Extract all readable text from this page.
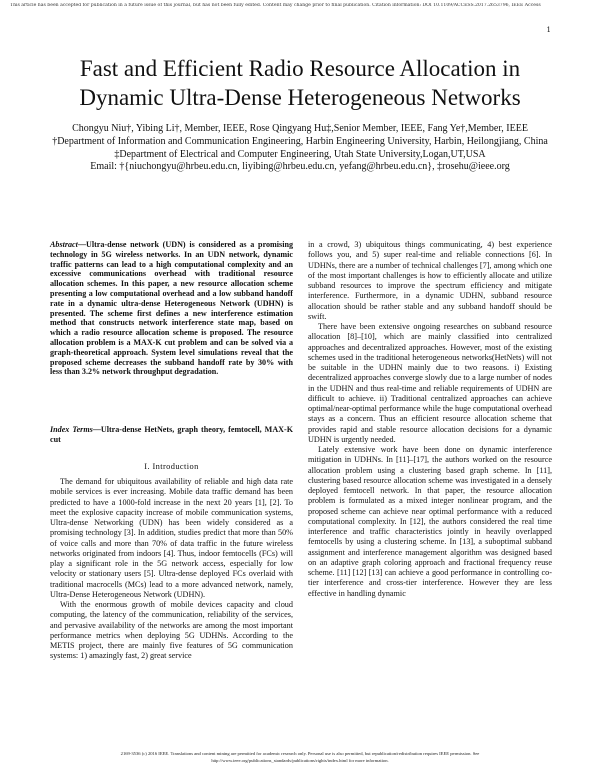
This article has been accepted for publication in a future issue of this journal, but has not been fully edited. Content may change prior to final publication. Citation information: DOI 10.1109/ACCESS.2017.2653796, IEEE Access
1
Fast and Efficient Radio Resource Allocation in
Dynamic Ultra-Dense Heterogeneous Networks

Chongyu Niu†, Yibing Li†, Member, IEEE, Rose Qingyang Hu‡,Senior Member, IEEE, Fang Ye†,Member, IEEE

†Department of Information and Communication Engineering, Harbin Engineering University, Harbin, Heilongjiang, China

‡Department of Electrical and Computer Engineering, Utah State University,Logan,UT,USA

Email: †{niuchongyu@hrbeu.edu.cn, liyibing@hrbeu.edu.cn, yefang@hrbeu.edu.cn}, ‡rosehu@ieee.org

Abstract—Ultra-dense network (UDN) is considered as a promising technology in 5G wireless networks. In an UDN network, dynamic traffic patterns can lead to a high computational complexity and an excessive communications overhead with traditional resource allocation schemes. In this paper, a new resource allocation scheme presenting a low computational overhead and a low subband handoff rate in a dynamic ultra-dense Heterogeneous Network (UDHN) is presented. The scheme first defines a new interference estimation method that constructs network interference state map, based on which a radio resource allocation scheme is proposed. The resource allocation problem is a MAX-K cut problem and can be solved via a graph-theoretical approach. System level simulations reveal that the proposed scheme decreases the subband handoff rate by 30% with less than 3.2% network throughput degradation.
Index Terms—Ultra-dense HetNets, graph theory, femtocell, MAX-K cut
I. Introduction

The demand for ubiquitous availability of reliable and high data rate mobile services is ever increasing. Mobile data traffic demand has been predicted to have a 1000-fold increase in the next 20 years [1], [2]. To meet the explosive capacity increase of mobile communication systems, Ultra-dense Networking (UDN) has been widely considered as a promising technology [3]. In addition, studies predict that more than 50% of voice calls and more than 70% of data traffic in the future wireless networks originated from indoors [4]. Thus, indoor femtocells (FCs) will play a significant role in the 5G network access, especially for low velocity or stationary users [5]. Ultra-dense deployed FCs overlaid with traditional macrocells (MCs) lead to a more advanced network, namely, Ultra-Dense Heterogeneous Network (UDHN).

With the enormous growth of mobile devices capacity and cloud computing, the latency of the communication, reliability of the services, and pervasive availability of the networks are among the most important performance metrics when deploying 5G UDHNs. According to the METIS project, there are mainly five features of 5G communication systems: 1) amazingly fast, 2) great service

in a crowd, 3) ubiquitous things communicating, 4) best experience follows you, and 5) super real-time and reliable connections [6]. In UDHNs, there are a number of technical challenges [7], among which one of the most important challenges is how to efficiently allocate and utilize subband resources to improve the spectrum efficiency and mitigate interference. Furthermore, in a dynamic UDHN, subband resource allocation should be rather stable and any subband handoff should be swift.

There have been extensive ongoing researches on subband resource allocation [8]–[10], which are mainly classified into centralized approaches and decentralized approaches. However, most of the existing schemes used in the traditional heterogeneous networks(HetNets) will not be suitable in the UDHN mainly due to two reasons. i) Existing decentralized approaches converge slowly due to a large number of nodes in the UDHN and thus real-time and reliable requirements of UDHN are difficult to achieve. ii) Traditional centralized approaches can achieve optimal/near-optimal performance while the huge computational overhead stays as a concern. Thus an efficient resource allocation scheme that provides rapid and stable resource allocation decisions for a dynamic UDHN is urgently needed.

Lately extensive work have been done on dynamic interference mitigation in UDHNs. In [11]–[17], the authors worked on the resource allocation problem using a clustering based graph scheme. In [11], clustering based resource allocation scheme was investigated in a densely deployed femtocell network. In that paper, the resource allocation problem is formulated as a mixed integer nonlinear program, and the proposed scheme can achieve near optimal performance with a reduced computational complexity. In [12], the authors considered the real time interference and traffic characteristics jointly in heavily overlapped femtocells by using a clustering scheme. In [13], a suboptimal subband assignment and interference management algorithm was designed based on an adaptive graph coloring approach and fractional frequency reuse scheme. [11] [12] [13] can achieve a good performance in controlling co-tier interference and cross-tier interference. However they are less effective in handling dynamic

2169-3536 (c) 2016 IEEE. Translations and content mining are permitted for academic research only. Personal use is also permitted, but republication/redistribution requires IEEE permission. See

http://www.ieee.org/publications_standards/publications/rights/index.html for more information.
